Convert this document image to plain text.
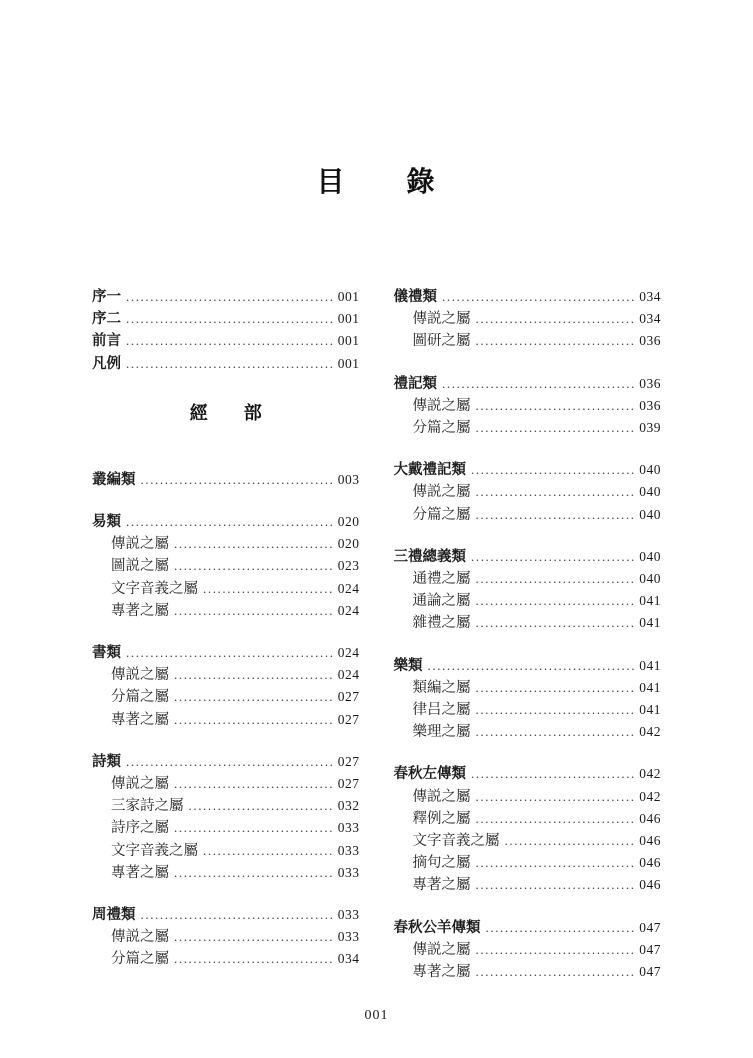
目　　錄
序一 .....	001
序二 .....	001
前言 .....	001
凡例 .....	001
經　　部
叢編類 .....	003
易類 .....	020
傳説之屬 .....	020
圖説之屬 .....	023
文字音義之屬 .....	024
專著之屬 .....	024
書類 .....	024
傳説之屬 .....	024
分篇之屬 .....	027
專著之屬 .....	027
詩類 .....	027
傳説之屬 .....	027
三家詩之屬 .....	032
詩序之屬 .....	033
文字音義之屬 .....	033
專著之屬 .....	033
周禮類 .....	033
傳説之屬 .....	033
分篇之屬 .....	034
儀禮類 .....	034
傳説之屬 .....	034
圖研之屬 .....	036
禮記類 .....	036
傳説之屬 .....	036
分篇之屬 .....	039
大戴禮記類 .....	040
傳説之屬 .....	040
分篇之屬 .....	040
三禮總義類 .....	040
通禮之屬 .....	040
通論之屬 .....	041
雜禮之屬 .....	041
樂類 .....	041
類編之屬 .....	041
律吕之屬 .....	041
樂理之屬 .....	042
春秋左傳類 .....	042
傳説之屬 .....	042
釋例之屬 .....	046
文字音義之屬 .....	046
摘句之屬 .....	046
專著之屬 .....	046
春秋公羊傳類 .....	047
傳説之屬 .....	047
專著之屬 .....	047
001
